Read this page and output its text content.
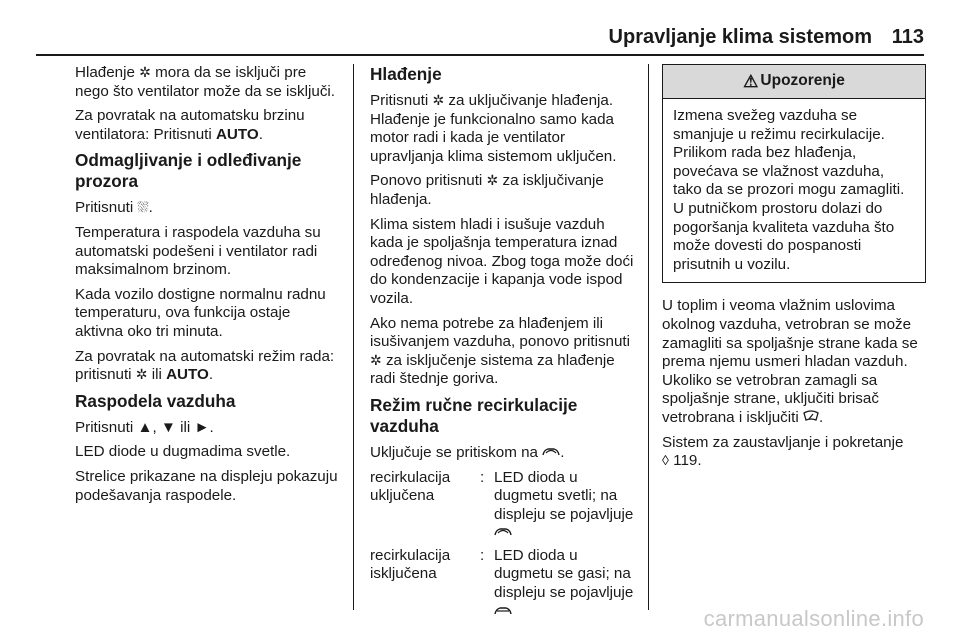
Upravljanje klima sistemom 113

Hlađenje ✲ mora da se isključi pre nego što ventilator može da se isključi.

Za povratak na automatsku brzinu ventilatora: Pritisnuti AUTO.

Odmagljivanje i odleđivanje prozora

Pritisnuti ⛆.

Temperatura i raspodela vazduha su automatski podešeni i ventilator radi maksimalnom brzinom.

Kada vozilo dostigne normalnu radnu temperaturu, ova funkcija ostaje aktivna oko tri minuta.

Za povratak na automatski režim rada: pritisnuti ✲ ili AUTO.

Raspodela vazduha

Pritisnuti ▲, ▼ ili ►.

LED diode u dugmadima svetle.

Strelice prikazane na displeju pokazuju podešavanja raspodele.

Hlađenje

Pritisnuti ✲ za uključivanje hlađenja. Hlađenje je funkcionalno samo kada motor radi i kada je ventilator upravljanja klima sistemom uključen.

Ponovo pritisnuti ✲ za isključivanje hlađenja.

Klima sistem hladi i isušuje vazduh kada je spoljašnja temperatura iznad određenog nivoa. Zbog toga može doći do kondenzacije i kapanja vode ispod vozila.

Ako nema potrebe za hlađenjem ili isušivanjem vazduha, ponovo pritisnuti ✲ za isključenje sistema za hlađenje radi štednje goriva.

Režim ručne recirkulacije vazduha

Uključuje se pritiskom na .

recirkulacija uključena
: LED dioda u dugmetu svetli; na displeju se pojavljuje
recirkulacija isključena
: LED dioda u dugmetu se gasi; na displeju se pojavljuje
⚠ Upozorenje
Izmena svežeg vazduha se smanjuje u režimu recirkulacije. Prilikom rada bez hlađenja, povećava se vlažnost vazduha, tako da se prozori mogu zamagliti. U putničkom prostoru dolazi do pogoršanja kvaliteta vazduha što može dovesti do pospanosti prisutnih u vozilu.

U toplim i veoma vlažnim uslovima okolnog vazduha, vetrobran se može zamagliti sa spoljašnje strane kada se prema njemu usmeri hladan vazduh. Ukoliko se vetrobran zamagli sa spoljašnje strane, uključiti brisač vetrobrana i isključiti .

Sistem za zaustavljanje i pokretanje
◊ 119.

carmanualsonline.info
